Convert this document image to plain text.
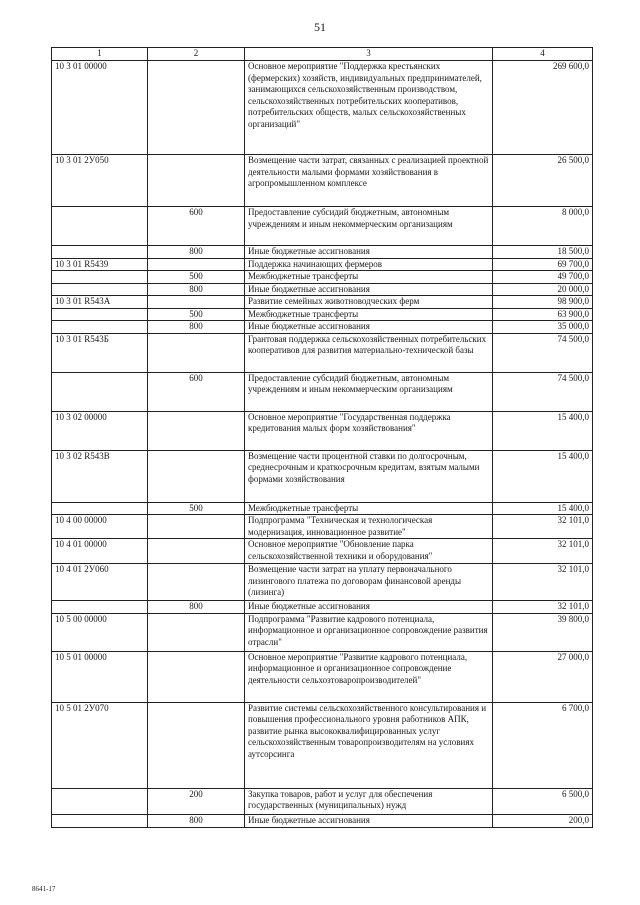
51
1	2	3	4
10 3 01 00000		Основное мероприятие "Поддержка крестьянских (фермерских) хозяйств, индивидуальных предпринимателей, занимающихся сельскохозяйственным производством, сельскохозяйственных потребительских кооперативов, потребительских обществ, малых сельскохозяйственных организаций"	269 600,0
10 3 01 2У050		Возмещение части затрат, связанных с реализацией проектной деятельности малыми формами хозяйствования в агропромышленном комплексе	26 500,0
	600	Предоставление субсидий бюджетным, автономным учреждениям и иным некоммерческим организациям	8 000,0
	800	Иные бюджетные ассигнования	18 500,0
10 3 01 R5439		Поддержка начинающих фермеров	69 700,0
	500	Межбюджетные трансферты	49 700,0
	800	Иные бюджетные ассигнования	20 000,0
10 3 01 R543А		Развитие семейных животноводческих ферм	98 900,0
	500	Межбюджетные трансферты	63 900,0
	800	Иные бюджетные ассигнования	35 000,0
10 3 01 R543Б		Грантовая поддержка сельскохозяйственных потребительских кооперативов для развития материально-технической базы	74 500,0
	600	Предоставление субсидий бюджетным, автономным учреждениям и иным некоммерческим организациям	74 500,0
10 3 02 00000		Основное мероприятие "Государственная поддержка кредитования малых форм хозяйствования"	15 400,0
10 3 02 R543В		Возмещение части процентной ставки по долгосрочным, среднесрочным и краткосрочным кредитам, взятым малыми формами хозяйствования	15 400,0
	500	Межбюджетные трансферты	15 400,0
10 4 00 00000		Подпрограмма "Техническая и технологическая модернизация, инновационное развитие"	32 101,0
10 4 01 00000		Основное мероприятие "Обновление парка сельскохозяйственной техники и оборудования"	32 101,0
10 4 01 2У060		Возмещение части затрат на уплату первоначального лизингового платежа по договорам финансовой аренды (лизинга)	32 101,0
	800	Иные бюджетные ассигнования	32 101,0
10 5 00 00000		Подпрограмма "Развитие кадрового потенциала, информационное и организационное сопровождение развития отрасли"	39 800,0
10 5 01 00000		Основное мероприятие "Развитие кадрового потенциала, информационное и организационное сопровождение деятельности сельхозтоваропроизводителей"	27 000,0
10 5 01 2У070		Развитие системы сельскохозяйственного консультирования и повышения профессионального уровня работников АПК, развитие рынка высококвалифицированных услуг сельскохозяйственным товаропроизводителям на условиях аутсорсинга	6 700,0
	200	Закупка товаров, работ и услуг для обеспечения государственных (муниципальных) нужд	6 500,0
	800	Иные бюджетные ассигнования	200,0
8641-17
